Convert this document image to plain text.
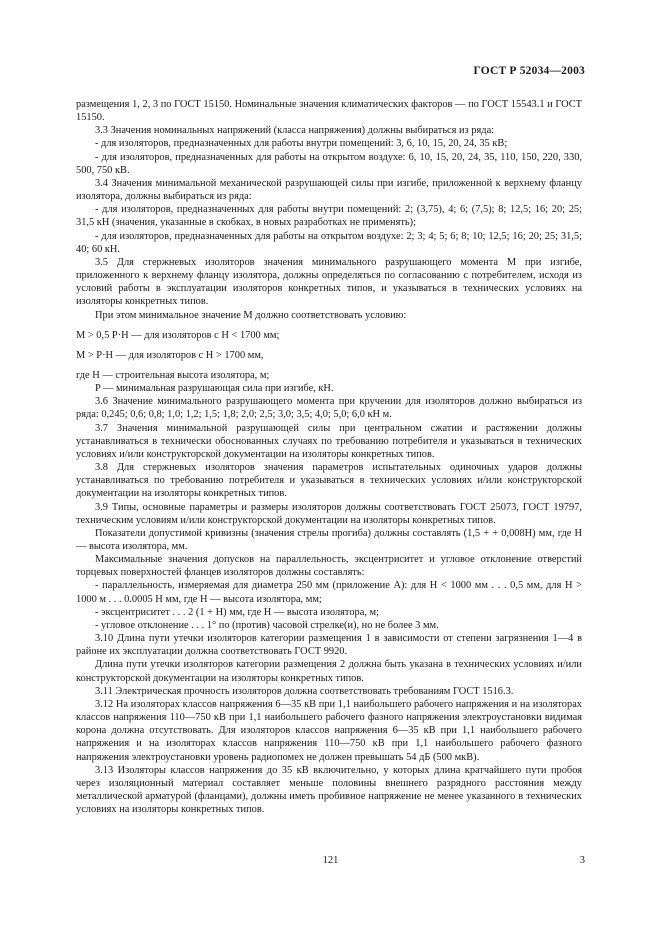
ГОСТ Р 52034—2003

размещения 1, 2, 3 по ГОСТ 15150. Номинальные значения климатических факторов — по ГОСТ 15543.1 и ГОСТ 15150.

3.3 Значения номинальных напряжений (класса напряжения) должны выбираться из ряда:

- для изоляторов, предназначенных для работы внутри помещений: 3, 6, 10, 15, 20, 24, 35 кВ;

- для изоляторов, предназначенных для работы на открытом воздухе: 6, 10, 15, 20, 24, 35, 110, 150, 220, 330, 500, 750 кВ.

3.4 Значения минимальной механической разрушающей силы при изгибе, приложенной к верхнему фланцу изолятора, должны выбираться из ряда:

- для изоляторов, предназначенных для работы внутри помещений: 2; (3,75), 4; 6; (7,5); 8; 12,5; 16; 20; 25; 31,5 кН (значения, указанные в скобках, в новых разработках не применять);

- для изоляторов, предназначенных для работы на открытом воздухе: 2; 3; 4; 5; 6; 8; 10; 12,5; 16; 20; 25; 31,5; 40; 60 кН.

3.5 Для стержневых изоляторов значения минимального разрушающего момента M при изгибе, приложенного к верхнему фланцу изолятора, должны определяться по согласованию с потребителем, исходя из условий работы в эксплуатации изоляторов конкретных типов, и указываться в технических условиях на изоляторы конкретных типов.

При этом минимальное значение M должно соответствовать условию:

M > 0,5 P·H — для изоляторов с H < 1700 мм;

M > P·H — для изоляторов с H > 1700 мм,

где H — строительная высота изолятора, м;

P — минимальная разрушающая сила при изгибе, кН.

3.6 Значение минимального разрушающего момента при кручении для изоляторов должно выбираться из ряда: 0,245; 0,6; 0,8; 1,0; 1,2; 1,5; 1,8; 2,0; 2,5; 3,0; 3,5; 4,0; 5,0; 6,0 кН м.

3.7 Значения минимальной разрушающей силы при центральном сжатии и растяжении должны устанавливаться в технически обоснованных случаях по требованию потребителя и указываться в технических условиях и/или конструкторской документации на изоляторы конкретных типов.

3.8 Для стержневых изоляторов значения параметров испытательных одиночных ударов должны устанавливаться по требованию потребителя и указываться в технических условиях и/или конструкторской документации на изоляторы конкретных типов.

3.9 Типы, основные параметры и размеры изоляторов должны соответствовать ГОСТ 25073, ГОСТ 19797, техническим условиям и/или конструкторской документации на изоляторы конкретных типов.

Показатели допустимой кривизны (значения стрелы прогиба) должны составлять (1,5 + + 0,008H) мм, где H — высота изолятора, мм.

Максимальные значения допусков на параллельность, эксцентриситет и угловое отклонение отверстий торцевых поверхностей фланцев изоляторов должны составлять:

- параллельность, измеряемая для диаметра 250 мм (приложение А): для H < 1000 мм . . . 0,5 мм, для H > 1000 м . . . 0.0005 H мм, где H — высота изолятора, мм;

- эксцентриситет . . . 2 (1 + H) мм, где H — высота изолятора, м;

- угловое отклонение . . . 1° по (против) часовой стрелке(и), но не более 3 мм.

3.10 Длина пути утечки изоляторов категории размещения 1 в зависимости от степени загрязнения 1—4 в районе их эксплуатации должна соответствовать ГОСТ 9920.

Длина пути утечки изоляторов категории размещения 2 должна быть указана в технических условиях и/или конструкторской документации на изоляторы конкретных типов.

3.11 Электрическая прочность изоляторов должна соответствовать требованиям ГОСТ 1516.3.

3.12 На изоляторах классов напряжения 6—35 кВ при 1,1 наибольшего рабочего напряжения и на изоляторах классов напряжения 110—750 кВ при 1,1 наибольшего рабочего фазного напряжения электроустановки видимая корона должна отсутствовать. Для изоляторов классов напряжения 6—35 кВ при 1,1 наибольшего рабочего напряжения и на изоляторах классов напряжения 110—750 кВ при 1,1 наибольшего рабочего фазного напряжения электроустановки уровень радиопомех не должен превышать 54 дБ (500 мкВ).

3.13 Изоляторы классов напряжения до 35 кВ включительно, у которых длина кратчайшего пути пробоя через изоляционный материал составляет меньше половины внешнего разрядного расстояния между металлической арматурой (фланцами), должны иметь пробивное напряжение не менее указанного в технических условиях на изоляторы конкретных типов.

121	3
